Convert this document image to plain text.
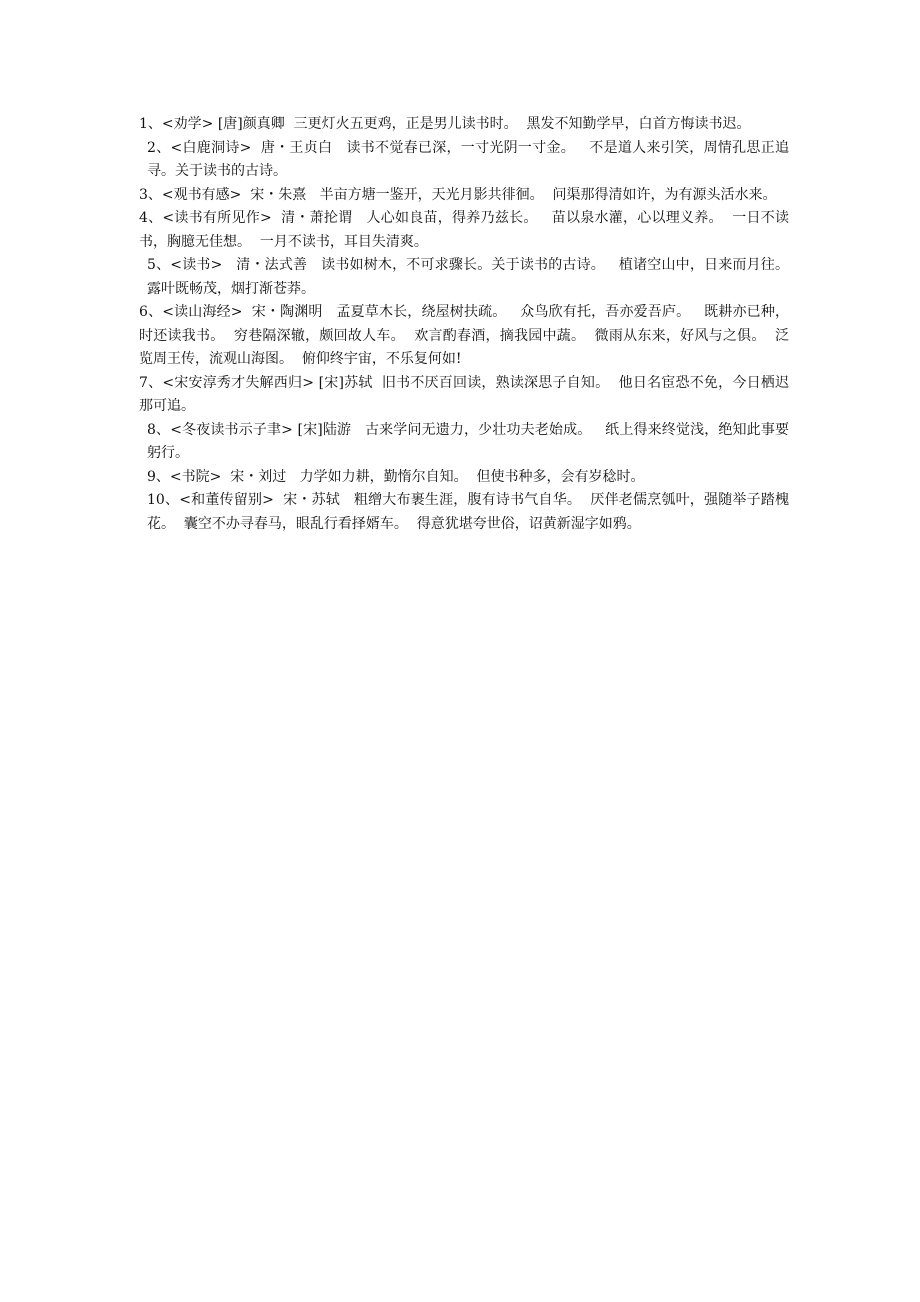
1、<劝学> [唐]颜真卿  三更灯火五更鸡，正是男儿读书时。  黑发不知勤学早，白首方悔读书迟。

2、<白鹿洞诗>  唐・王贞白   读书不觉春已深，一寸光阴一寸金。   不是道人来引笑，周情孔思正追寻。关于读书的古诗。

3、<观书有感>  宋・朱熹   半亩方塘一鉴开，天光月影共徘徊。  问渠那得清如许，为有源头活水来。

4、<读书有所见作>  清・萧抡谓   人心如良苗，得养乃兹长。   苗以泉水灌，心以理义养。  一日不读书，胸臆无佳想。  一月不读书，耳目失清爽。

5、<读书>   清・法式善   读书如树木，不可求骤长。关于读书的古诗。   植诸空山中，日来而月往。  露叶既畅茂，烟打渐苍莽。

6、<读山海经>  宋・陶渊明   孟夏草木长，绕屋树扶疏。   众鸟欣有托，吾亦爱吾庐。   既耕亦已种，时还读我书。  穷巷隔深辙，颇回故人车。  欢言酌春酒，摘我园中蔬。  微雨从东来，好风与之俱。  泛览周王传，流观山海图。  俯仰终宇宙，不乐复何如!

7、<宋安淳秀才失解西归> [宋]苏轼  旧书不厌百回读，熟读深思子自知。  他日名宦恐不免，今日栖迟那可追。

8、<冬夜读书示子聿> [宋]陆游   古来学问无遗力，少壮功夫老始成。   纸上得来终觉浅，绝知此事要躬行。

9、<书院>  宋・刘过   力学如力耕，勤惰尔自知。  但使书种多，会有岁稔时。

10、<和董传留别>  宋・苏轼   粗缯大布裹生涯，腹有诗书气自华。  厌伴老儒烹瓠叶，强随举子踏槐花。  囊空不办寻春马，眼乱行看择婿车。  得意犹堪夸世俗，诏黄新湿字如鸦。
